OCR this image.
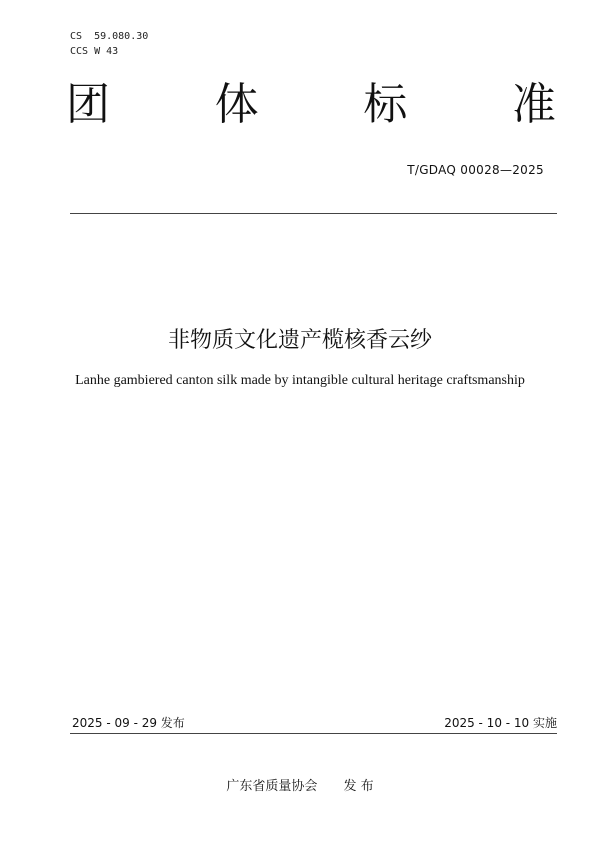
CS  59.080.30
CCS W 43
团 体 标 准
T/GDAQ 00028—2025
非物质文化遗产榄核香云纱
Lanhe gambiered canton silk made by intangible cultural heritage craftsmanship
2025 - 09 - 29 发布	2025 - 10 - 10 实施
广东省质量协会 发 布
